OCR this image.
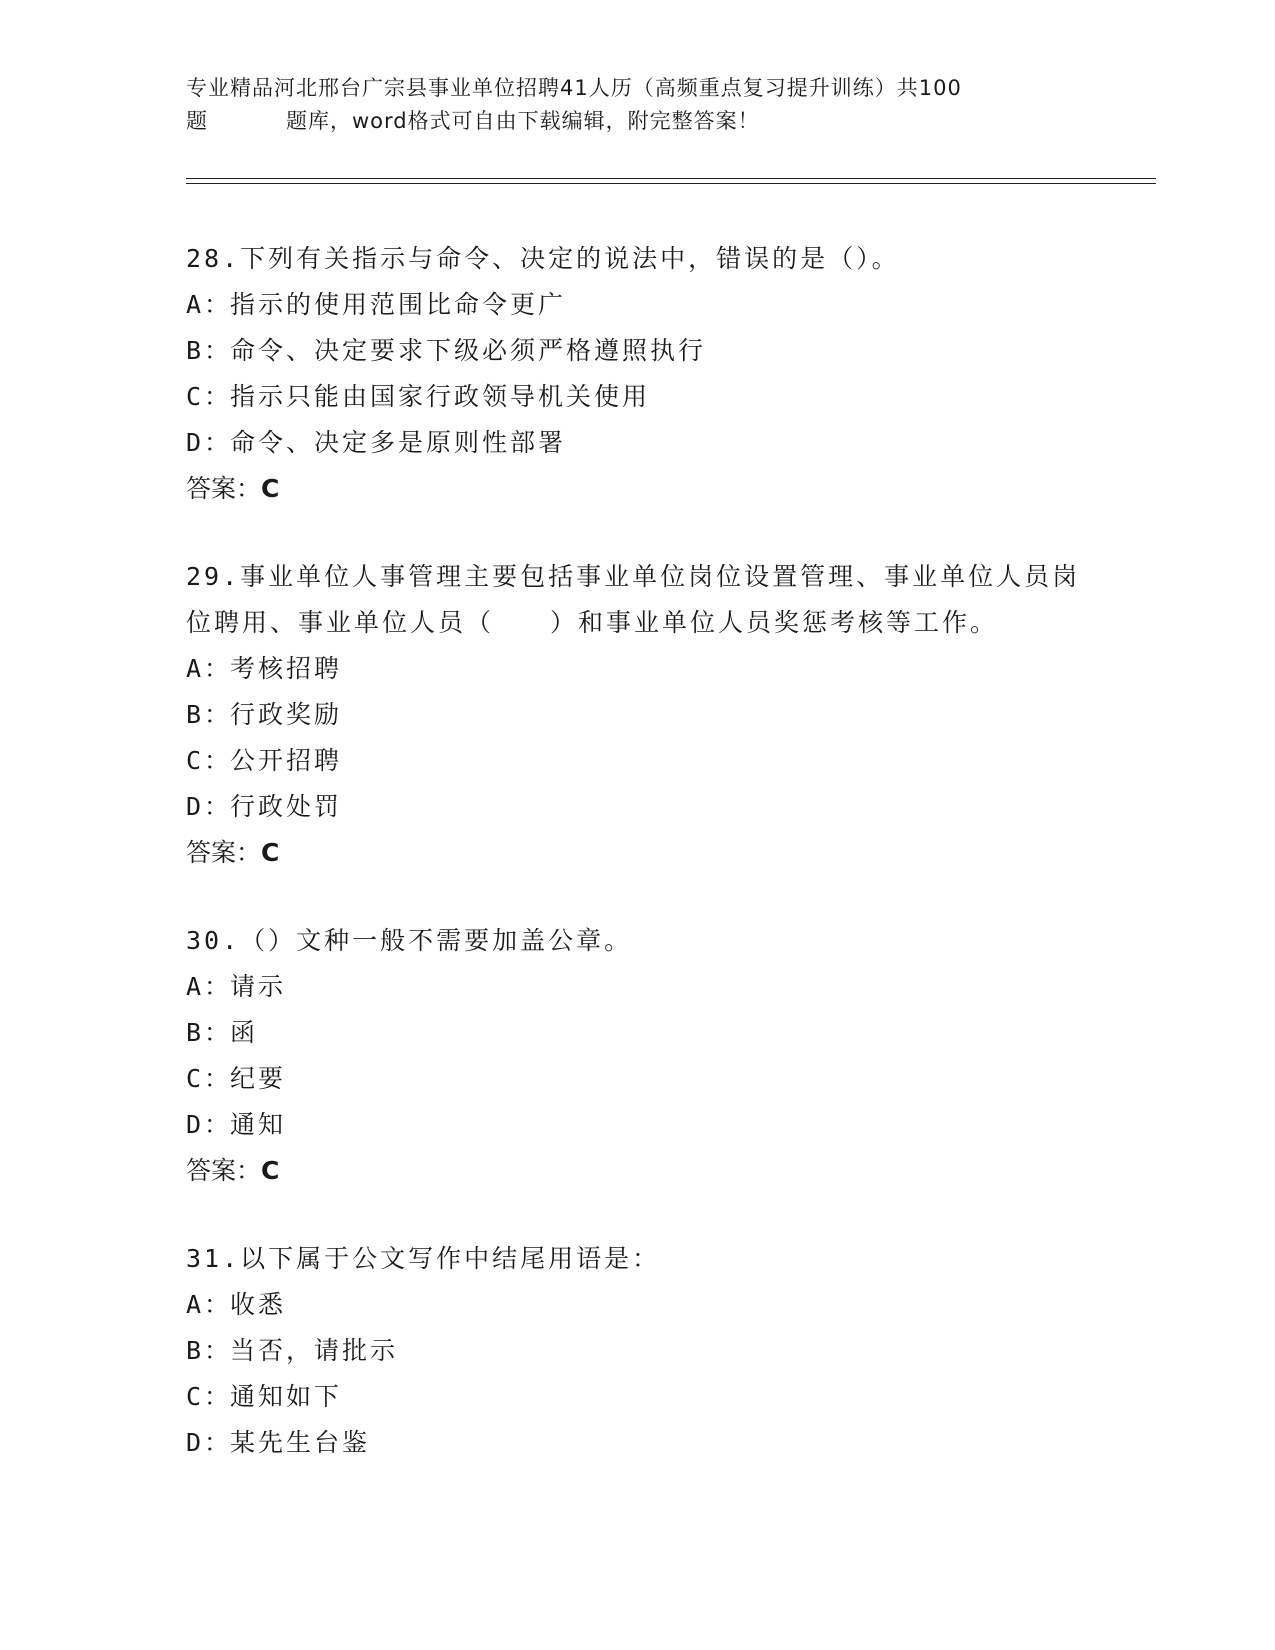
专业精品河北邢台广宗县事业单位招聘41人历（高频重点复习提升训练）共100
题	题库，word格式可自由下载编辑，附完整答案！
28.下列有关指示与命令、决定的说法中，错误的是（）。
A：指示的使用范围比命令更广
B：命令、决定要求下级必须严格遵照执行
C：指示只能由国家行政领导机关使用
D：命令、决定多是原则性部署
答案：C
29.事业单位人事管理主要包括事业单位岗位设置管理、事业单位人员岗位聘用、事业单位人员（　　）和事业单位人员奖惩考核等工作。
A：考核招聘
B：行政奖励
C：公开招聘
D：行政处罚
答案：C
30.（）文种一般不需要加盖公章。
A：请示
B：函
C：纪要
D：通知
答案：C
31.以下属于公文写作中结尾用语是：
A：收悉
B：当否，请批示
C：通知如下
D：某先生台鉴
